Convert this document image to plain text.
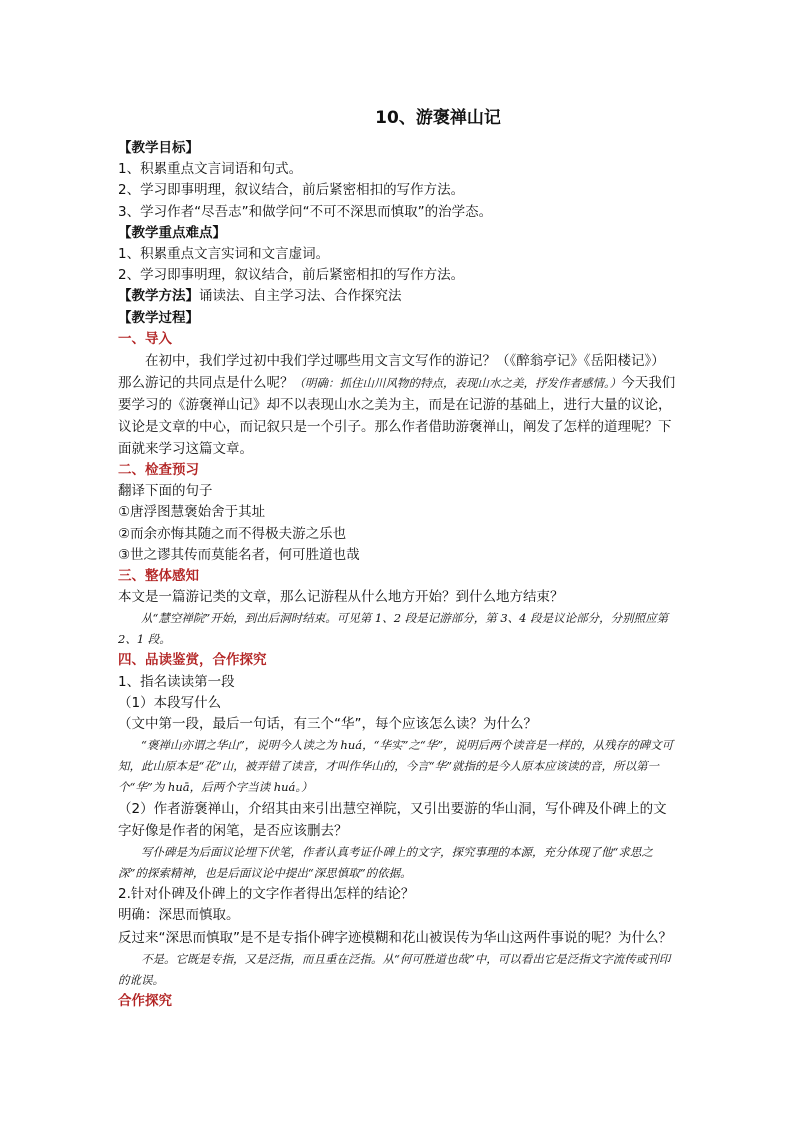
10、游褒禅山记
【教学目标】
1、积累重点文言词语和句式。
2、学习即事明理，叙议结合，前后紧密相扣的写作方法。
3、学习作者“尽吾志”和做学问“不可不深思而慎取”的治学态。
【教学重点难点】
1、积累重点文言实词和文言虚词。
2、学习即事明理，叙议结合，前后紧密相扣的写作方法。
【教学方法】诵读法、自主学习法、合作探究法
【教学过程】
一、导入

在初中，我们学过初中我们学过哪些用文言文写作的游记？（《醉翁亭记》《岳阳楼记》）那么游记的共同点是什么呢？（明确：抓住山川风物的特点，表现山水之美，抒发作者感情。）今天我们要学习的《游褒禅山记》却不以表现山水之美为主，而是在记游的基础上，进行大量的议论，议论是文章的中心，而记叙只是一个引子。那么作者借助游褒禅山，阐发了怎样的道理呢？下面就来学习这篇文章。

二、检查预习
翻译下面的句子
①唐浮图慧褒始舍于其址
②而余亦悔其随之而不得极夫游之乐也
③世之谬其传而莫能名者，何可胜道也哉
三、整体感知
本文是一篇游记类的文章，那么记游程从什么地方开始？到什么地方结束？

从“慧空禅院”开始，到出后洞时结束。可见第 1、2 段是记游部分，第 3、4 段是议论部分，分别照应第 2、1 段。

四、品读鉴赏，合作探究
1、指名读读第一段
（1）本段写什么
（文中第一段，最后一句话，有三个“华”，每个应该怎么读？为什么？

“褒禅山亦谓之华山”，说明今人读之为 huá，“华实”之“华”，说明后两个读音是一样的，从残存的碑文可知，此山原本是“花”山，被弄错了读音，才叫作华山的，今言“华”就指的是今人原本应该读的音，所以第一个“华”为 huā，后两个字当读 huá。）

（2）作者游褒禅山，介绍其由来引出慧空禅院，又引出要游的华山洞，写仆碑及仆碑上的文字好像是作者的闲笔，是否应该删去？

写仆碑是为后面议论埋下伏笔，作者认真考证仆碑上的文字，探究事理的本源，充分体现了他“求思之深”的探索精神，也是后面议论中提出“深思慎取”的依据。

2.针对仆碑及仆碑上的文字作者得出怎样的结论？
明确：深思而慎取。
反过来“深思而慎取”是不是专指仆碑字迹模糊和花山被误传为华山这两件事说的呢？为什么？

不是。它既是专指，又是泛指，而且重在泛指。从“何可胜道也哉”中，可以看出它是泛指文字流传或刊印的讹误。

合作探究
